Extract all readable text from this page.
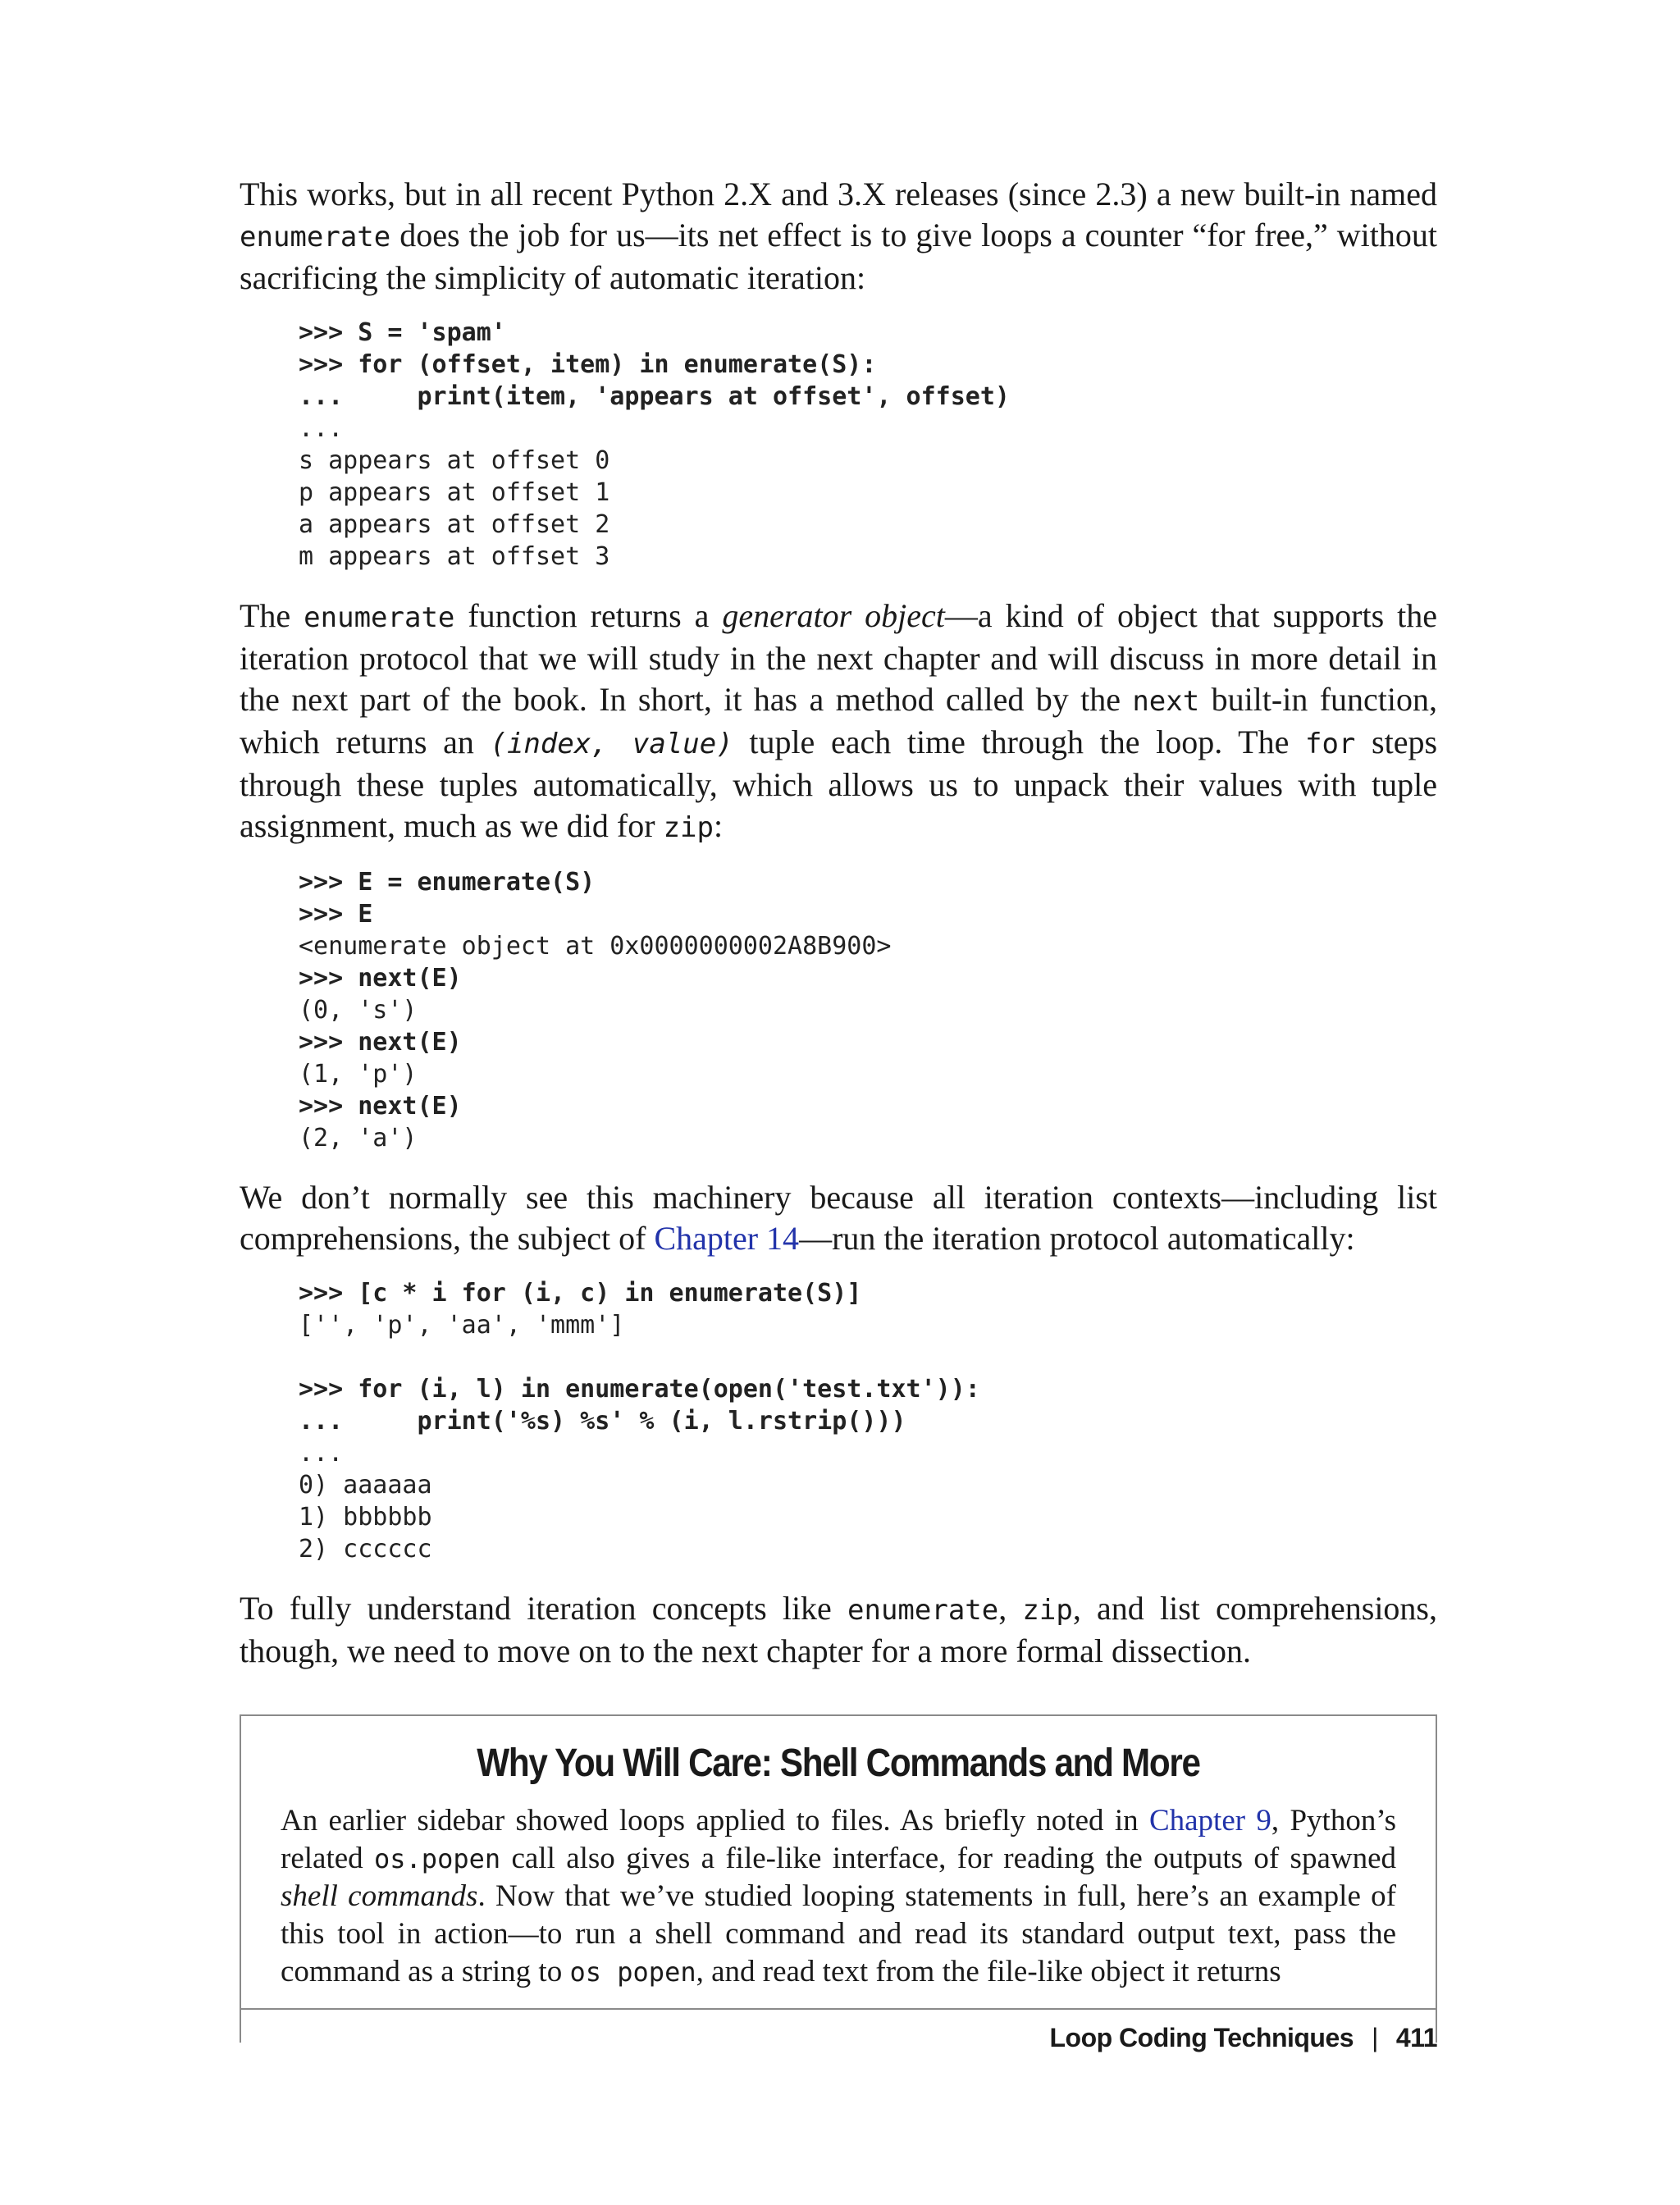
This works, but in all recent Python 2.X and 3.X releases (since 2.3) a new built-in named enumerate does the job for us—its net effect is to give loops a counter “for free,” without sacrificing the simplicity of automatic iteration:

>>> S = 'spam'
>>> for (offset, item) in enumerate(S):
...     print(item, 'appears at offset', offset)
...
s appears at offset 0
p appears at offset 1
a appears at offset 2
m appears at offset 3

The enumerate function returns a generator object—a kind of object that supports the iteration protocol that we will study in the next chapter and will discuss in more detail in the next part of the book. In short, it has a method called by the next built-in function, which returns an (index, value) tuple each time through the loop. The for steps through these tuples automatically, which allows us to unpack their values with tuple assignment, much as we did for zip:

>>> E = enumerate(S)
>>> E
<enumerate object at 0x0000000002A8B900>
>>> next(E)
(0, 's')
>>> next(E)
(1, 'p')
>>> next(E)
(2, 'a')

We don’t normally see this machinery because all iteration contexts—including list comprehensions, the subject of Chapter 14—run the iteration protocol automatically:

>>> [c * i for (i, c) in enumerate(S)]
['', 'p', 'aa', 'mmm']
>>> for (i, l) in enumerate(open('test.txt')):
...     print('%s) %s' % (i, l.rstrip()))
...
0) aaaaaa
1) bbbbbb
2) cccccc

To fully understand iteration concepts like enumerate, zip, and list comprehensions, though, we need to move on to the next chapter for a more formal dissection.

Why You Will Care: Shell Commands and More

An earlier sidebar showed loops applied to files. As briefly noted in Chapter 9, Python’s related os.popen call also gives a file-like interface, for reading the outputs of spawned shell commands. Now that we’ve studied looping statements in full, here’s an example of this tool in action—to run a shell command and read its standard output text, pass the command as a string to os popen, and read text from the file-like object it returns

Loop Coding Techniques | 411
